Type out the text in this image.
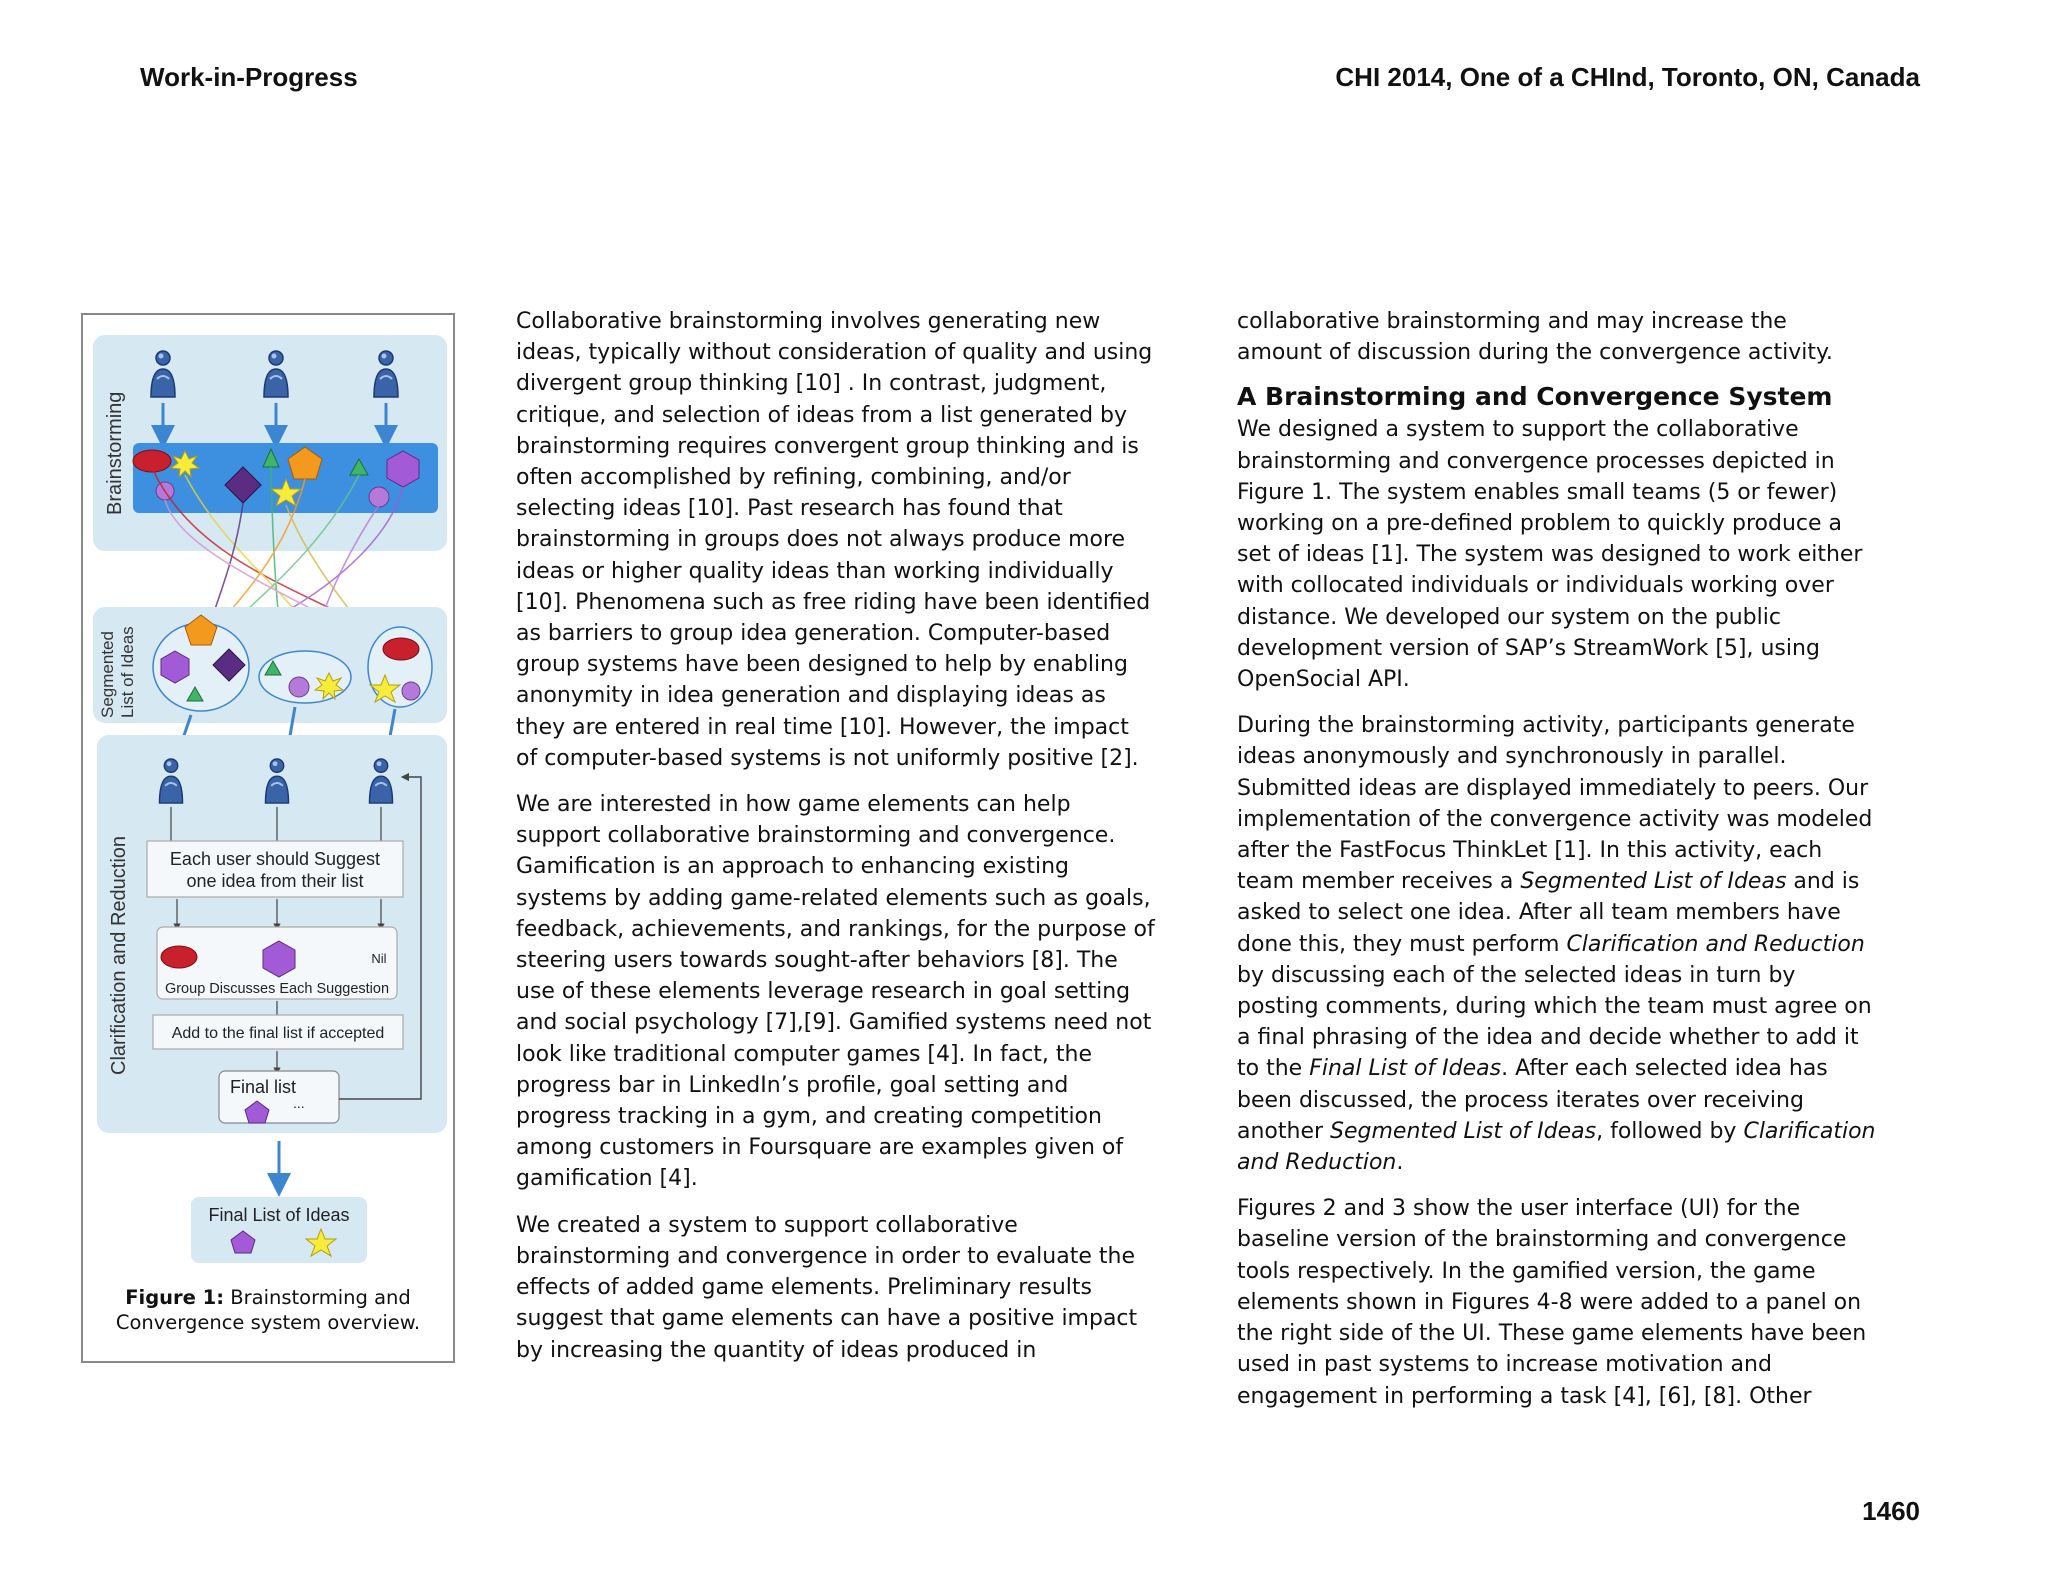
Work-in-Progress	CHI 2014, One of a CHInd, Toronto, ON, Canada
Brainstorming
Segmented List of Ideas
Clarification and Reduction Each user should Suggest
one idea from their list
Nil
Group Discusses Each Suggestion
Add to the final list if accepted
Final list
...
Final List of Ideas
Figure 1: Brainstorming and
Convergence system overview.

Collaborative brainstorming involves generating new ideas, typically without consideration of quality and using divergent group thinking [10] . In contrast, judgment, critique, and selection of ideas from a list generated by brainstorming requires convergent group thinking and is often accomplished by refining, combining, and/or selecting ideas [10]. Past research has found that brainstorming in groups does not always produce more ideas or higher quality ideas than working individually [10]. Phenomena such as free riding have been identified as barriers to group idea generation. Computer-based group systems have been designed to help by enabling anonymity in idea generation and displaying ideas as they are entered in real time [10]. However, the impact of computer-based systems is not uniformly positive [2].

We are interested in how game elements can help support collaborative brainstorming and convergence. Gamification is an approach to enhancing existing systems by adding game-related elements such as goals, feedback, achievements, and rankings, for the purpose of steering users towards sought-after behaviors [8]. The use of these elements leverage research in goal setting and social psychology [7],[9]. Gamified systems need not look like traditional computer games [4]. In fact, the progress bar in LinkedIn’s profile, goal setting and progress tracking in a gym, and creating competition among customers in Foursquare are examples given of gamification [4].

We created a system to support collaborative brainstorming and convergence in order to evaluate the effects of added game elements. Preliminary results suggest that game elements can have a positive impact by increasing the quantity of ideas produced in

collaborative brainstorming and may increase the amount of discussion during the convergence activity.

A Brainstorming and Convergence System

We designed a system to support the collaborative brainstorming and convergence processes depicted in Figure 1. The system enables small teams (5 or fewer) working on a pre-defined problem to quickly produce a set of ideas [1]. The system was designed to work either with collocated individuals or individuals working over distance. We developed our system on the public development version of SAP’s StreamWork [5], using OpenSocial API.

During the brainstorming activity, participants generate ideas anonymously and synchronously in parallel. Submitted ideas are displayed immediately to peers. Our implementation of the convergence activity was modeled after the FastFocus ThinkLet [1]. In this activity, each team member receives a Segmented List of Ideas and is asked to select one idea. After all team members have done this, they must perform Clarification and Reduction by discussing each of the selected ideas in turn by posting comments, during which the team must agree on a final phrasing of the idea and decide whether to add it to the Final List of Ideas. After each selected idea has been discussed, the process iterates over receiving another Segmented List of Ideas, followed by Clarification and Reduction.

Figures 2 and 3 show the user interface (UI) for the baseline version of the brainstorming and convergence tools respectively. In the gamified version, the game elements shown in Figures 4-8 were added to a panel on the right side of the UI. These game elements have been used in past systems to increase motivation and engagement in performing a task [4], [6], [8]. Other

1460
